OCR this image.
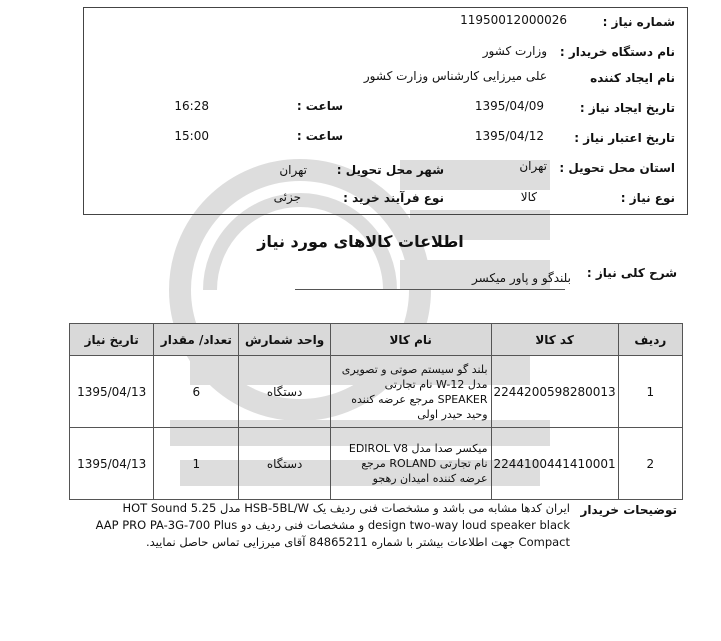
شماره نیاز :
11950012000026
نام دستگاه خریدار :
وزارت کشور
نام ایجاد کننده
علی میرزایی کارشناس وزارت کشور
تاریخ ایجاد نیاز :
1395/04/09
ساعت :
16:28
تاریخ اعتبار نیاز :
1395/04/12
ساعت :
15:00
استان محل تحویل :
تهران
شهر محل تحویل :
تهران
نوع نیاز :
کالا
نوع فرآیند خرید :
جزئی
اطلاعات کالاهای مورد نیاز
شرح کلی نیاز :
بلندگو و پاور میکسر
ردیف	کد کالا	نام کالا	واحد شمارش	تعداد/ مقدار	تاریخ نیاز
1	2244200598280013	بلند گو سیستم صوتی و تصویری مدل W-12 نام تجارتی SPEAKER مرجع عرضه کننده وحید حیدر اولی	دستگاه	6	1395/04/13
2	2244100441410001	میکسر صدا مدل EDIROL V8 نام تجارتی ROLAND مرجع عرضه کننده امیدان رهجو	دستگاه	1	1395/04/13
توضیحات خریدار
ایران کدها مشابه می باشد و مشخصات فنی ردیف یک HSB-5BL/W مدل HOT Sound 5.25 design two-way loud speaker black و مشخصات فنی ردیف دو AAP PRO PA-3G-700 Plus Compact جهت اطلاعات بیشتر با شماره 84865211 آقای میرزایی تماس حاصل نمایید.
